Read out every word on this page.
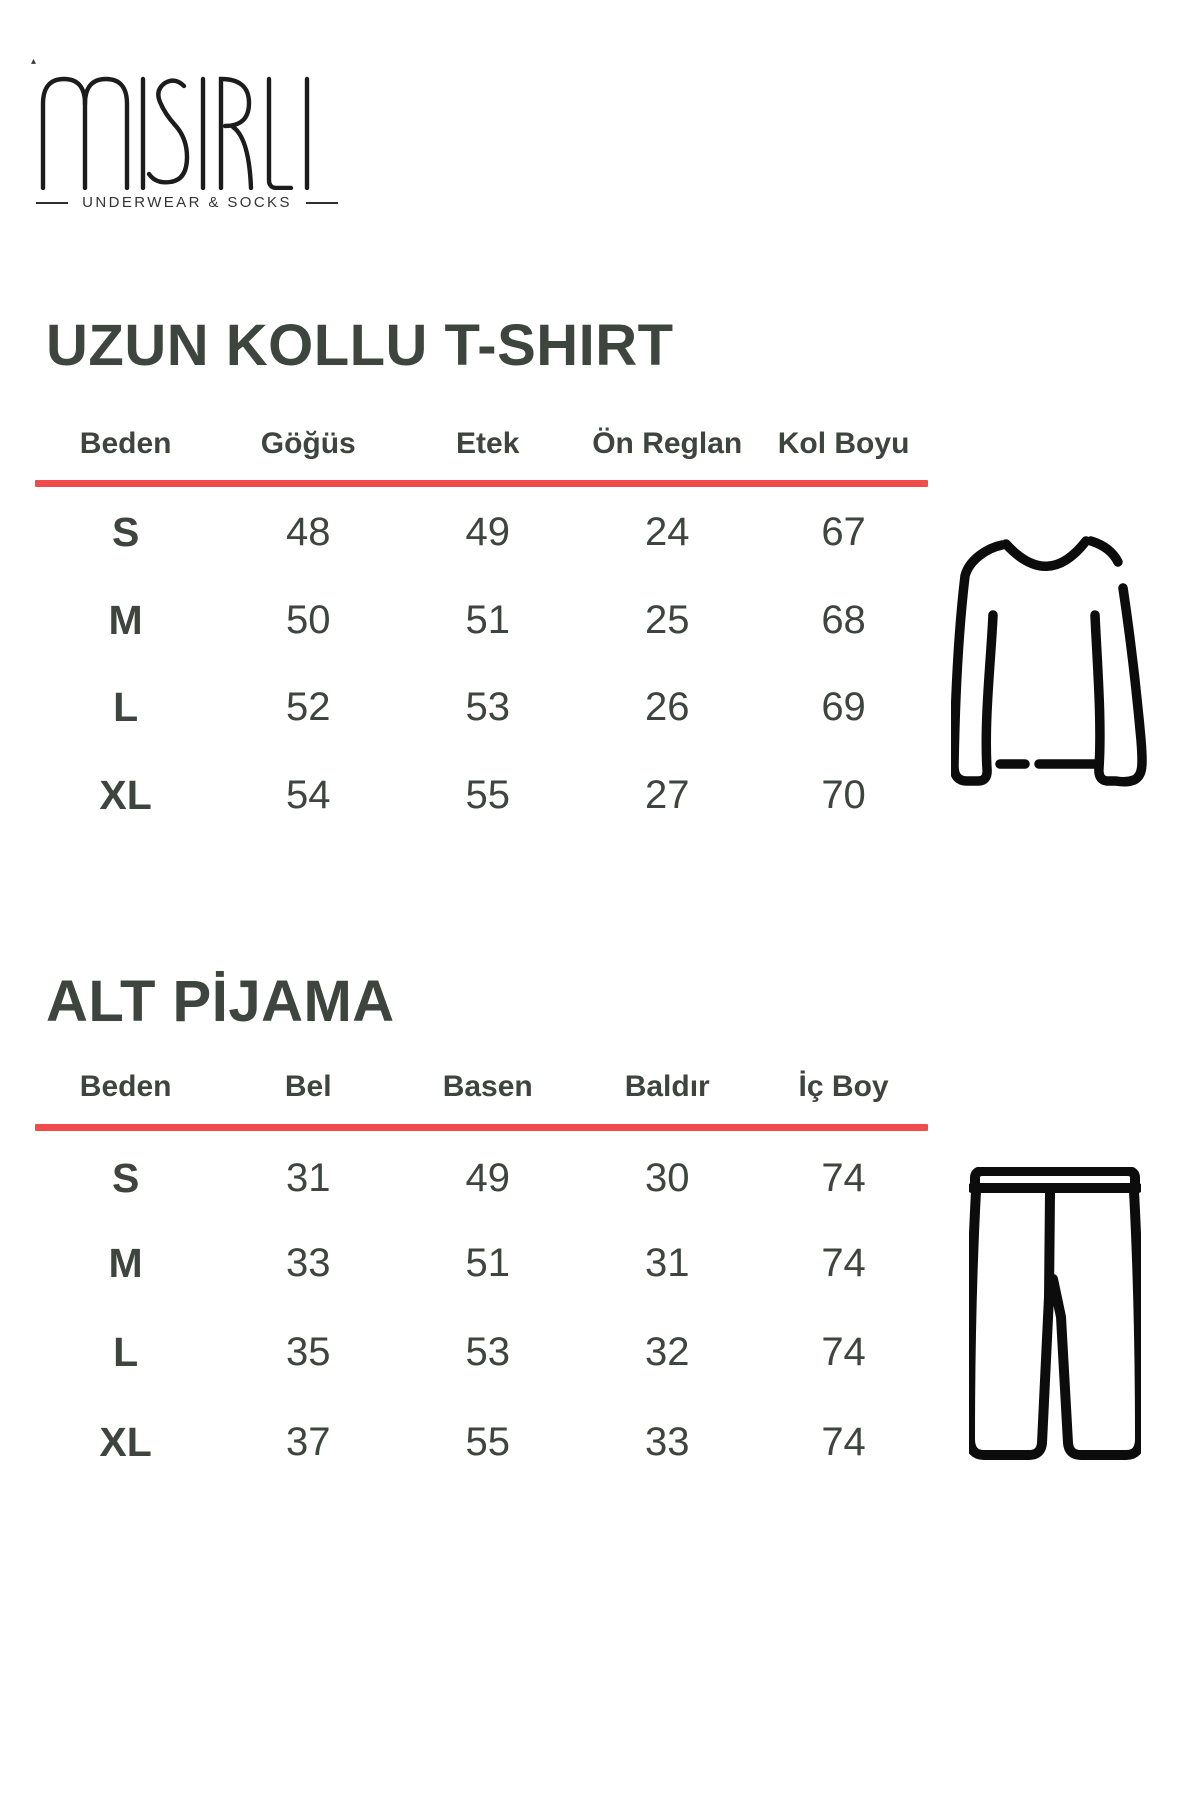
▴
UNDERWEAR & SOCKS
UZUN KOLLU T-SHIRT
Beden	Göğüs	Etek	Ön Reglan	Kol Boyu
S	48	49	24	67
M	50	51	25	68
L	52	53	26	69
XL	54	55	27	70
ALT PİJAMA
Beden	Bel	Basen	Baldır	İç Boy
S	31	49	30	74
M	33	51	31	74
L	35	53	32	74
XL	37	55	33	74
